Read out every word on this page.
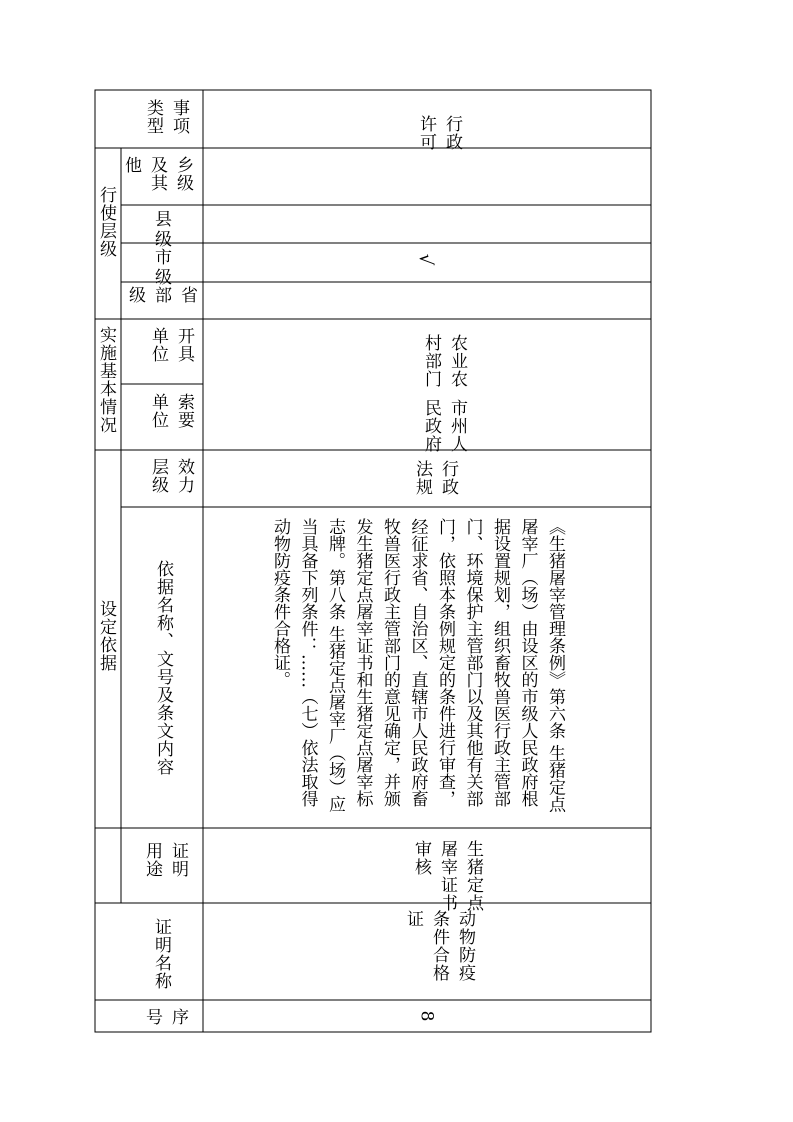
事项类型
行使层级
乡级及其他
县级
市级
省部级
实施基本情况	开具单位
索要单位
效力层级
设定依据 依据名称、文号及条文内容
证明用途
证明名称
序号
行政许可
√
农业农村部门
市州人民政府
行政法规
《生猪屠宰管理条例》第六条 生猪定点屠宰厂（场）由设区的市级人民政府根据设置规划，组织畜牧兽医行政主管部门、环境保护主管部门以及其他有关部门，依照本条例规定的条件进行审查，经征求省、自治区、直辖市人民政府畜牧兽医行政主管部门的意见确定，并颁发生猪定点屠宰证书和生猪定点屠宰标志牌。第八条 生猪定点屠宰厂（场）应当具备下列条件：……（七）依法取得动物防疫条件合格证。
生猪定点屠宰证书审核
动物防疫条件合格证
8
